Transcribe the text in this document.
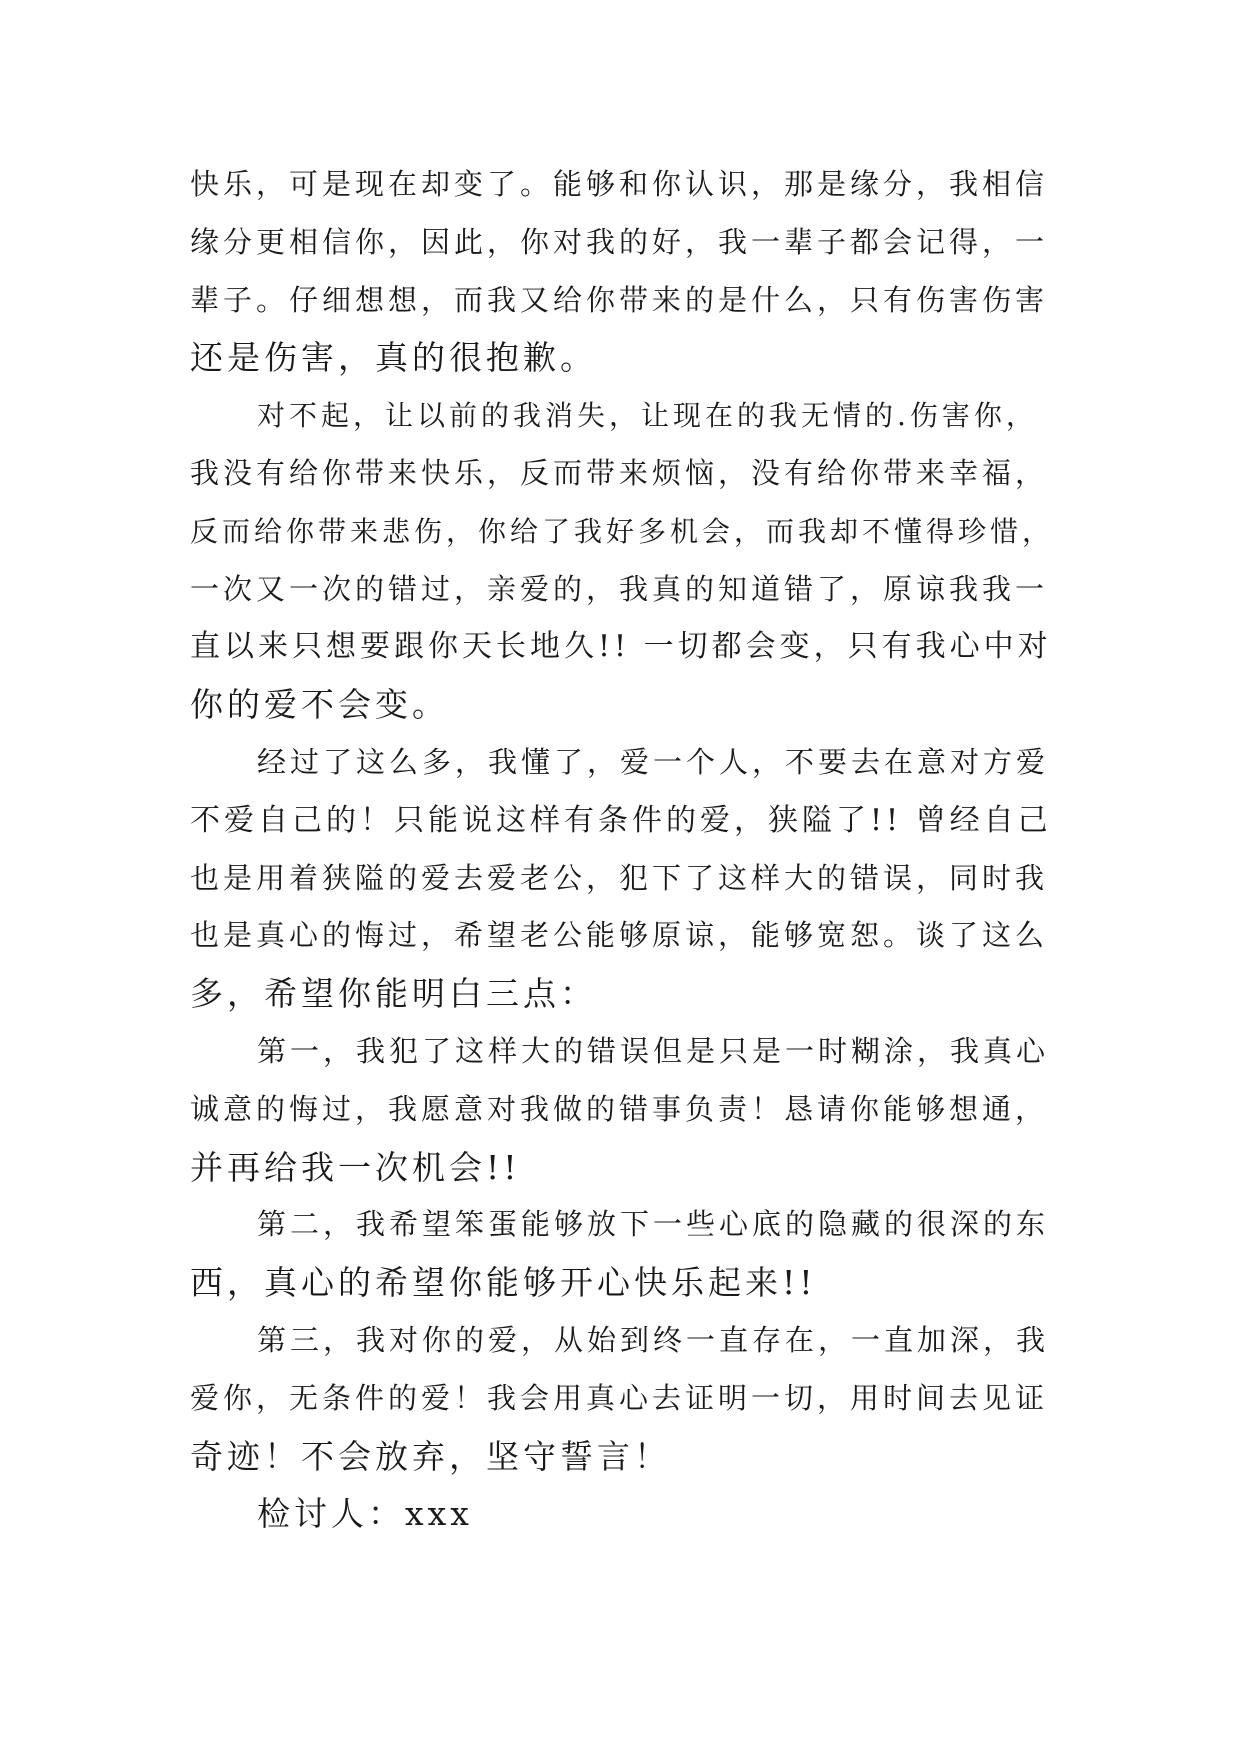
快乐，可是现在却变了。能够和你认识，那是缘分，我相信
缘分更相信你，因此，你对我的好，我一辈子都会记得，一
辈子。仔细想想，而我又给你带来的是什么，只有伤害伤害
还是伤害，真的很抱歉。
对不起，让以前的我消失，让现在的我无情的.伤害你，
我没有给你带来快乐，反而带来烦恼，没有给你带来幸福，
反而给你带来悲伤，你给了我好多机会，而我却不懂得珍惜，
一次又一次的错过，亲爱的，我真的知道错了，原谅我我一
直以来只想要跟你天长地久!! 一切都会变，只有我心中对
你的爱不会变。
经过了这么多，我懂了，爱一个人，不要去在意对方爱
不爱自己的！只能说这样有条件的爱，狭隘了!! 曾经自己
也是用着狭隘的爱去爱老公，犯下了这样大的错误，同时我
也是真心的悔过，希望老公能够原谅，能够宽恕。谈了这么
多，希望你能明白三点：
第一，我犯了这样大的错误但是只是一时糊涂，我真心
诚意的悔过，我愿意对我做的错事负责！恳请你能够想通，
并再给我一次机会!!
第二，我希望笨蛋能够放下一些心底的隐藏的很深的东
西，真心的希望你能够开心快乐起来!!
第三，我对你的爱，从始到终一直存在，一直加深，我
爱你，无条件的爱！我会用真心去证明一切，用时间去见证
奇迹！不会放弃，坚守誓言！
检讨人：xxx
